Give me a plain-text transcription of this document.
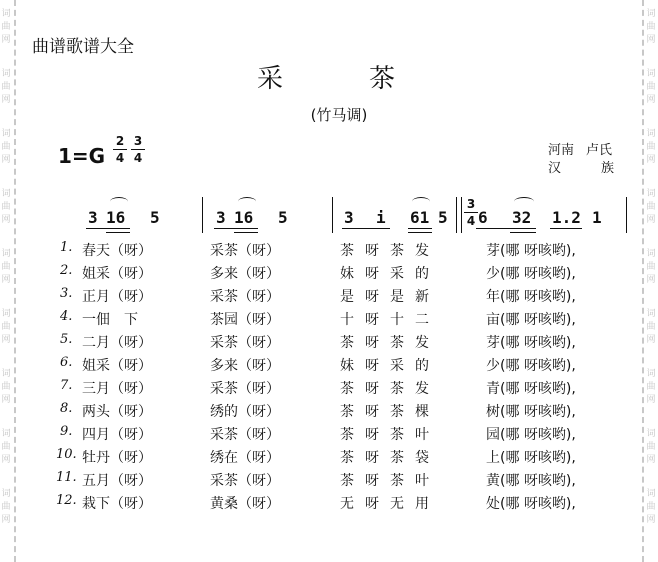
词曲网
词曲网
词曲网
词曲网
词曲网
词曲网
词曲网
词曲网
词曲网
词曲网
词曲网
词曲网
词曲网
词曲网
词曲网
词曲网
词曲网
词曲网
曲谱歌谱大全
采　茶
(竹马调)
1=G
2
4
3
4	河南 卢氏
汉	族
3 16 5	3 16 5	3 i 61 5
3
4 6 32 1.2 1
1. 春天（呀）	采茶（呀）	茶呀茶发	芽(哪 呀咳哟),
2. 姐采（呀）	多来（呀）	妹呀采的	少(哪 呀咳哟),
3. 正月（呀）	采茶（呀）	是呀是新	年(哪 呀咳哟),
4. 一佃　下	茶园（呀）	十呀十二	亩(哪 呀咳哟),
5. 二月（呀）	采茶（呀）	茶呀茶发	芽(哪 呀咳哟),
6. 姐采（呀）	多来（呀）	妹呀采的	少(哪 呀咳哟),
7. 三月（呀）	采茶（呀）	茶呀茶发	青(哪 呀咳哟),
8. 两头（呀）	绣的（呀）	茶呀茶棵	树(哪 呀咳哟),
9. 四月（呀）	采茶（呀）	茶呀茶叶	园(哪 呀咳哟),
10. 牡丹（呀）	绣在（呀）	茶呀茶袋	上(哪 呀咳哟),
11. 五月（呀）	采茶（呀）	茶呀茶叶	黄(哪 呀咳哟),
12. 栽下（呀）	黄桑（呀）	无呀无用	处(哪 呀咳哟),
